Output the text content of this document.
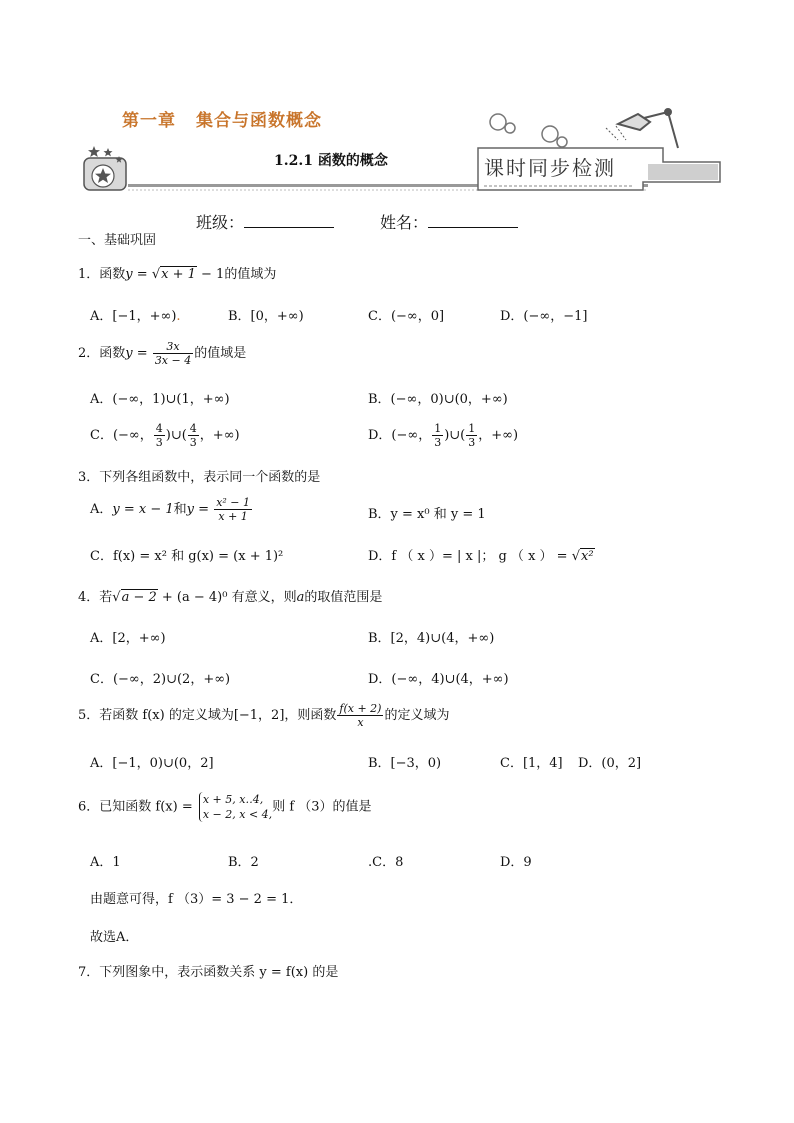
第一章 集合与函数概念
1.2.1 函数的概念	课时同步检测
班级：	姓名：
一、基础巩固
1．函数y = √x + 1 − 1的值域为
A．[−1，+∞).	B．[0，+∞)	C．(−∞，0]	D．(−∞，−1]
2．函数$y = \frac{3x}{3x - 4}$ 的值域是
A．(−∞，1)∪(1，+∞)	B．(−∞，0)∪(0，+∞)
C．(−∞， $\frac{4}{3}$ )∪( $\frac{4}{3}$ ，+∞)	D．(−∞， $\frac{1}{3}$ )∪( $\frac{1}{3}$ ，+∞)
3．下列各组函数中，表示同一个函数的是
A．y = x − 1和$y = \frac{\text{x² − 1}}{x + 1}$	B．y = x⁰ 和 y = 1
C．f(x) = x² 和 g(x) = (x + 1)²	D．f （ x ）= | x |； g （ x ） = √x²
4．若√a − 2 + (a − 4)⁰ 有意义，则a的取值范围是
A．[2，+∞)	B．[2，4)∪(4，+∞)
C．(−∞，2)∪(2，+∞)	D．(−∞，4)∪(4，+∞)
5．若函数 f(x) 的定义域为[−1，2]，则函数 $\frac{f(x + 2)}{x}$ 的定义域为
A．[−1，0)∪(0，2]	B．[−3，0)	C．[1，4] D．(0，2]
6．已知函数 f(x) = x + 5, x‥4,
x − 2, x < 4, 则 f （3）的值是
A．1	B．2	.C．8	D．9
由题意可得，f （3）= 3 − 2 = 1．
故选A．
7．下列图象中，表示函数关系 y = f(x) 的是
